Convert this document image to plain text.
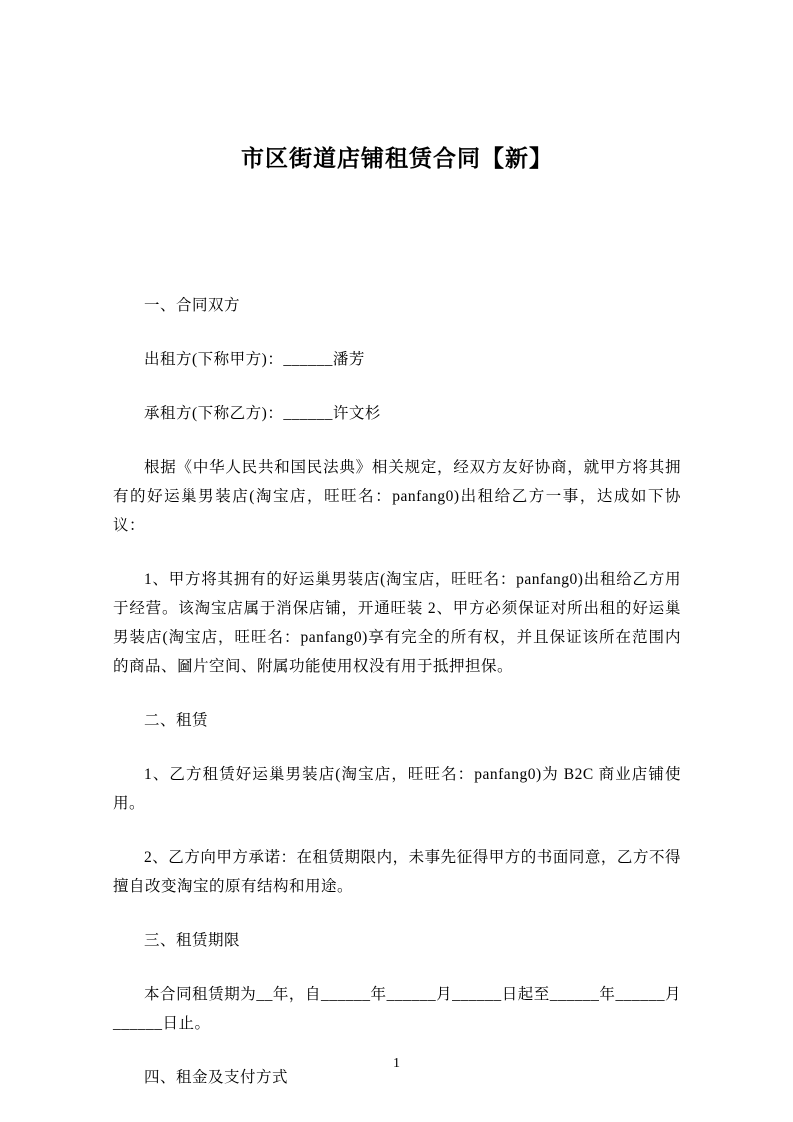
市区街道店铺租赁合同【新】

一、合同双方

出租方(下称甲方)：______潘芳

承租方(下称乙方)：______许文杉

根据《中华人民共和国民法典》相关规定，经双方友好协商，就甲方将其拥有的好运巢男装店(淘宝店，旺旺名：panfang0)出租给乙方一事，达成如下协议：

1、甲方将其拥有的好运巢男装店(淘宝店，旺旺名：panfang0)出租给乙方用于经营。该淘宝店属于消保店铺，开通旺装 2、甲方必须保证对所出租的好运巢男装店(淘宝店，旺旺名：panfang0)享有完全的所有权，并且保证该所在范围内的商品、圙片空间、附属功能使用权没有用于抵押担保。

二、租赁

1、乙方租赁好运巢男装店(淘宝店，旺旺名：panfang0)为 B2C 商业店铺使用。

2、乙方向甲方承诺：在租赁期限内，未事先征得甲方的书面同意，乙方不得擅自改变淘宝的原有结构和用途。

三、租赁期限

本合同租赁期为__年，自______年______月______日起至______年______月______日止。

四、租金及支付方式

1
